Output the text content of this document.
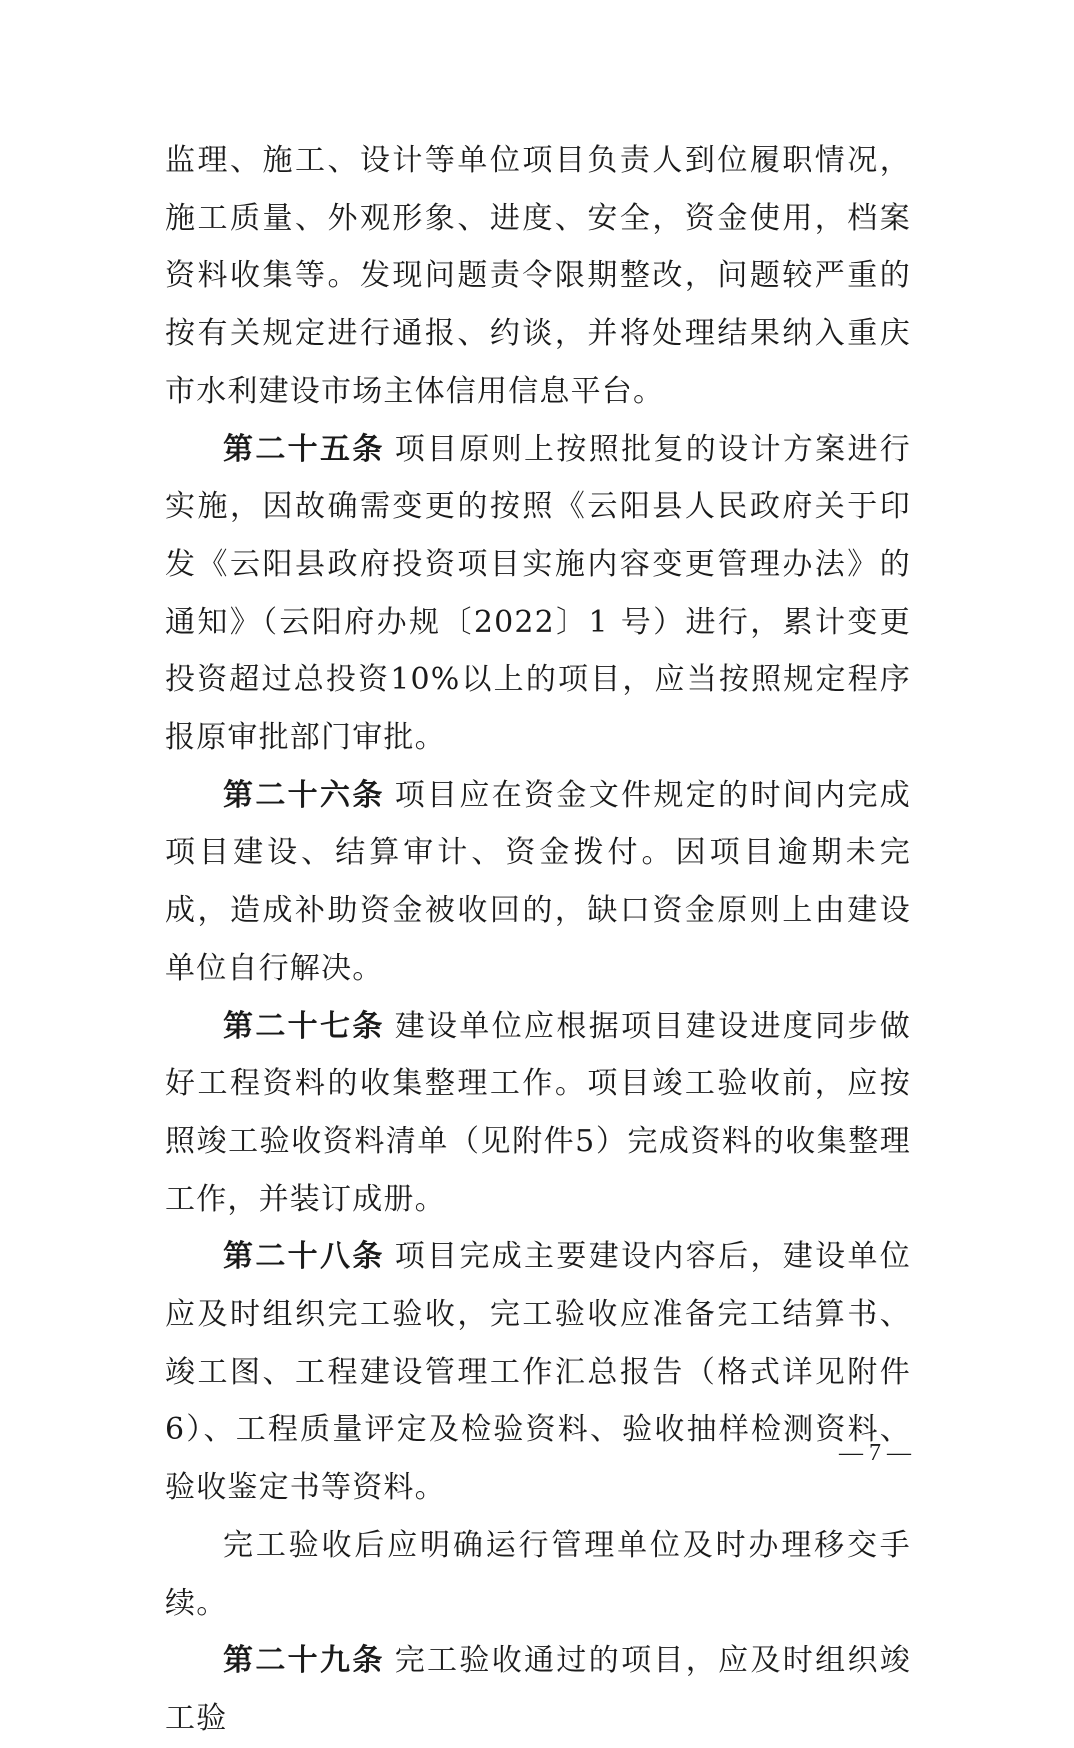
监理、施工、设计等单位项目负责人到位履职情况，施工质量、外观形象、进度、安全，资金使用，档案资料收集等。发现问题责令限期整改，问题较严重的按有关规定进行通报、约谈，并将处理结果纳入重庆市水利建设市场主体信用信息平台。

第二十五条 项目原则上按照批复的设计方案进行实施，因故确需变更的按照《云阳县人民政府关于印发《云阳县政府投资项目实施内容变更管理办法》的通知》（云阳府办规〔2022〕1 号）进行，累计变更投资超过总投资10%以上的项目，应当按照规定程序报原审批部门审批。

第二十六条 项目应在资金文件规定的时间内完成项目建设、结算审计、资金拨付。因项目逾期未完成，造成补助资金被收回的，缺口资金原则上由建设单位自行解决。

第二十七条 建设单位应根据项目建设进度同步做好工程资料的收集整理工作。项目竣工验收前，应按照竣工验收资料清单（见附件5）完成资料的收集整理工作，并装订成册。

第二十八条 项目完成主要建设内容后，建设单位应及时组织完工验收，完工验收应准备完工结算书、竣工图、工程建设管理工作汇总报告（格式详见附件6）、工程质量评定及检验资料、验收抽样检测资料、验收鉴定书等资料。

完工验收后应明确运行管理单位及时办理移交手续。

第二十九条 完工验收通过的项目，应及时组织竣工验

— 7 —
